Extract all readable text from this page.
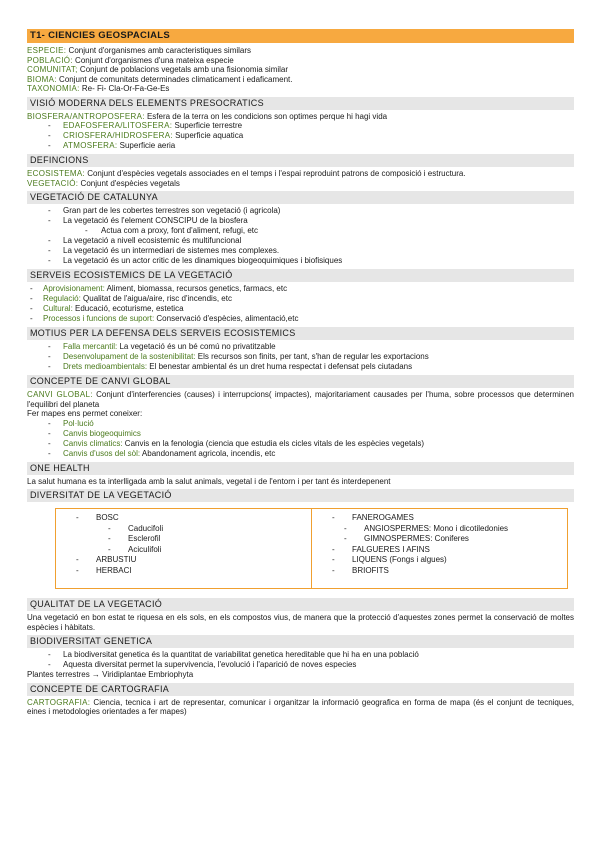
T1- CIENCIES GEOSPACIALS
ESPECIE: Conjunt d'organismes amb caracteristiques similars
POBLACIÓ: Conjunt d'organismes d'una mateixa especie
COMUNITAT; Conjunt de poblacions vegetals amb una fisionomia similar
BIOMA: Conjunt de comunitats determinades climaticament i edaficament.
TAXONOMIA: Re- Fi- Cla-Or-Fa-Ge-Es
VISIÓ MODERNA DELS ELEMENTS PRESOCRATICS
BIOSFERA/ANTROPOSFERA: Esfera de la terra on les condicions son optimes perque hi hagi vida
- EDAFOSFERA/LITOSFERA: Superficie terrestre
- CRIOSFERA/HIDROSFERA: Superficie aquatica
- ATMOSFERA: Superficie aeria
DEFINCIONS
ECOSISTEMA: Conjunt d'espècies vegetals associades en el temps i l'espai reproduint patrons de composició i estructura.
VEGETACIÓ: Conjunt d'espècies vegetals
VEGETACIÓ DE CATALUNYA
- Gran part de les cobertes terrestres son vegetació (i agricola)
- La vegetació és l'element CONSCIPU de la biosfera
- Actua com a proxy, font d'aliment, refugi, etc
- La vegetació a nivell ecosistemic és multifuncional
- La vegetació és un intermediari de sistemes mes complexes.
- La vegetació és un actor critic de les dinamiques biogeoquimiques i biofisiques
SERVEIS ECOSISTEMICS DE LA VEGETACIÓ
- Aprovisionament: Aliment, biomassa, recursos genetics, farmacs, etc
- Regulació: Qualitat de l'aigua/aire, risc d'incendis, etc
- Cultural: Educació, ecoturisme, estetica
- Processos i funcions de suport: Conservació d'espècies, alimentació,etc
MOTIUS PER LA DEFENSA DELS SERVEIS ECOSISTEMICS
- Falla mercantil: La vegetació és un bé comú no privatitzable
- Desenvolupament de la sostenibilitat: Els recursos son finits, per tant, s'han de regular les exportacions
- Drets medioambientals: El benestar ambiental és un dret huma respectat i defensat pels ciutadans
CONCEPTE DE CANVI GLOBAL
CANVI GLOBAL: Conjunt d'interferencies (causes) i interrupcions( impactes), majoritariament causades per l'huma, sobre processos que determinen l'equilibri del planeta
Fer mapes ens permet coneixer:
- Pol·lució
- Canvis biogeoquimics
- Canvis climatics: Canvis en la fenologia (ciencia que estudia els cicles vitals de les espècies vegetals)
- Canvis d'usos del sòl: Abandonament agricola, incendis, etc
ONE HEALTH
La salut humana es ta interlligada amb la salut animals, vegetal i de l'entorn i per tant és interdepenent
DIVERSITAT DE LA VEGETACIÓ
- BOSC
- Caducifoli
- Esclerofil
- Aciculifoli
- ARBUSTIU
- HERBACI
- FANEROGAMES
- ANGIOSPERMES: Mono i dicotiledonies
- GIMNOSPERMES: Coniferes
- FALGUERES I AFINS
- LIQUENS (Fongs i algues)
- BRIOFITS
QUALITAT DE LA VEGETACIÓ
Una vegetació en bon estat te riquesa en els sols, en els compostos vius, de manera que la protecció d'aquestes zones permet la conservació de moltes espècies i hàbitats.
BIODIVERSITAT GENETICA
- La biodiversitat genetica és la quantitat de variabilitat genetica hereditable que hi ha en una població
- Aquesta diversitat permet la supervivencia, l'evolució i l'aparició de noves especies
Plantes terrestres → Viridiplantae Embriophyta
CONCEPTE DE CARTOGRAFIA
CARTOGRAFIA: Ciencia, tecnica i art de representar, comunicar i organitzar la informació geografica en forma de mapa (és el conjunt de tecniques, eines i metodologies orientades a fer mapes)
